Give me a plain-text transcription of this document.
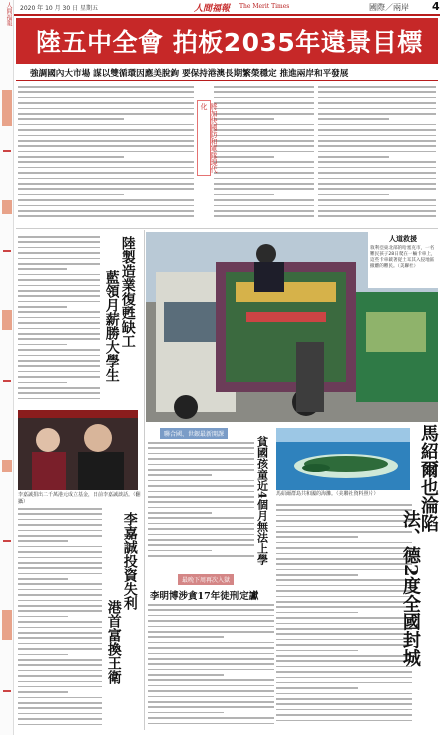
人間福報 2020 年 10 月 30 日 星期五	人間福報 The Merit Times	國際／兩岸 4
陸五中全會 拍板2035年遠景目標
強調國內大市場 謀以雙循環因應美脫鉤 要保持港澳長期繁榮穩定 推進兩岸和平發展
將加快國防和軍隊現代化
陸製造業復甦缺工
藍領月薪勝大學生
人道救援
敘利亞東北部的哈塞克市，一名難民孩子28日爬在一輛卡車上，這些卡車載著從土耳其入侵地區撤離的難民。（美聯社）
李嘉誠捐出二千萬港元成立基金，日前李嘉誠談話。（翻攝）
李嘉誠投資失利
港首富換王衛
聯合國、世銀最新開課
貧國孩童近4個月無法上學 馬紹爾群島共和國的海灘。（美聯社資料照片）
最晚下周再次入獄
李明博涉貪17年徒刑定讞
馬紹爾也淪陷
法、德2度全國封城
